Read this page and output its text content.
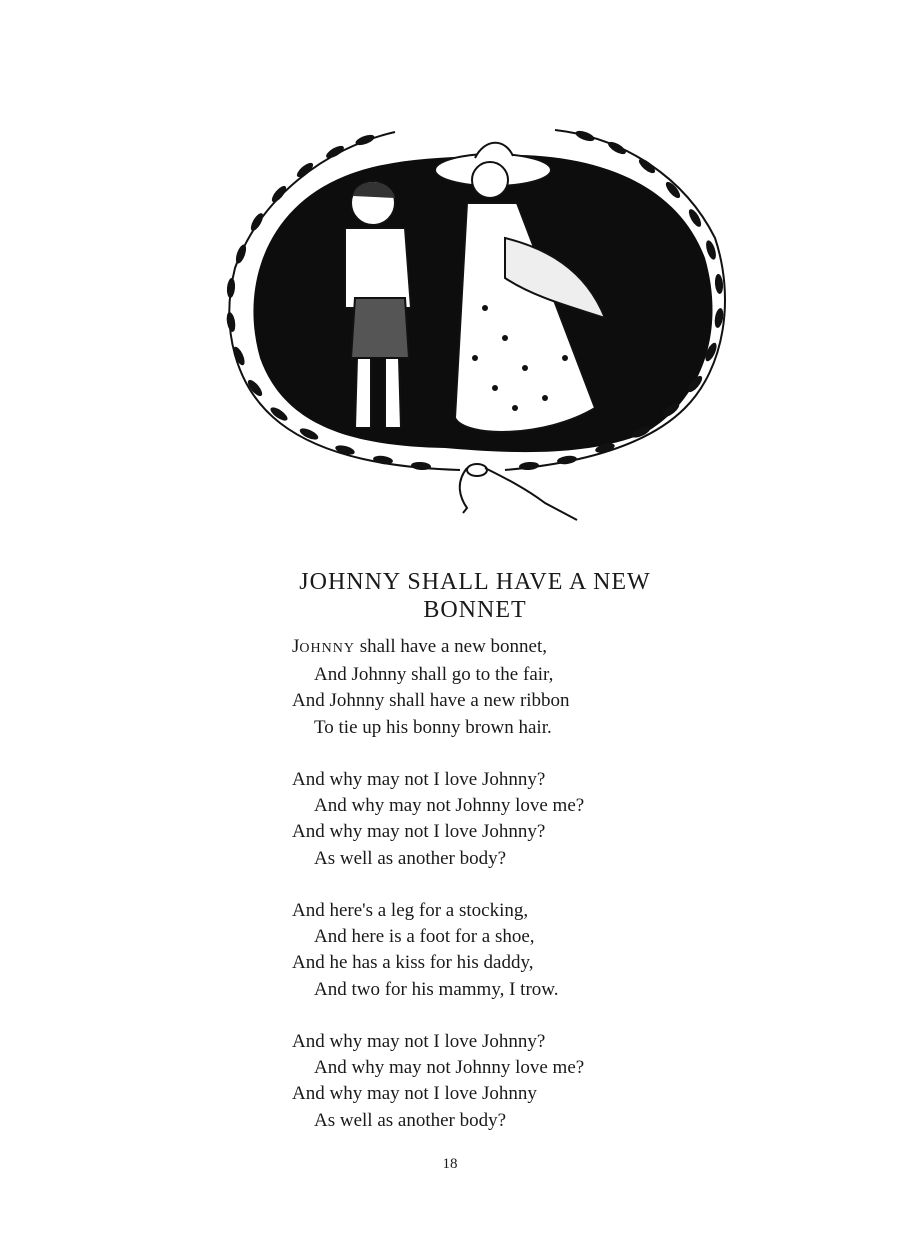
JOHNNY SHALL HAVE A NEW
BONNET
JOHNNY shall have a new bonnet,
And Johnny shall go to the fair,
And Johnny shall have a new ribbon
To tie up his bonny brown hair.
And why may not I love Johnny?
And why may not Johnny love me?
And why may not I love Johnny?
As well as another body?
And here's a leg for a stocking,
And here is a foot for a shoe,
And he has a kiss for his daddy,
And two for his mammy, I trow.
And why may not I love Johnny?
And why may not Johnny love me?
And why may not I love Johnny
As well as another body?
18
